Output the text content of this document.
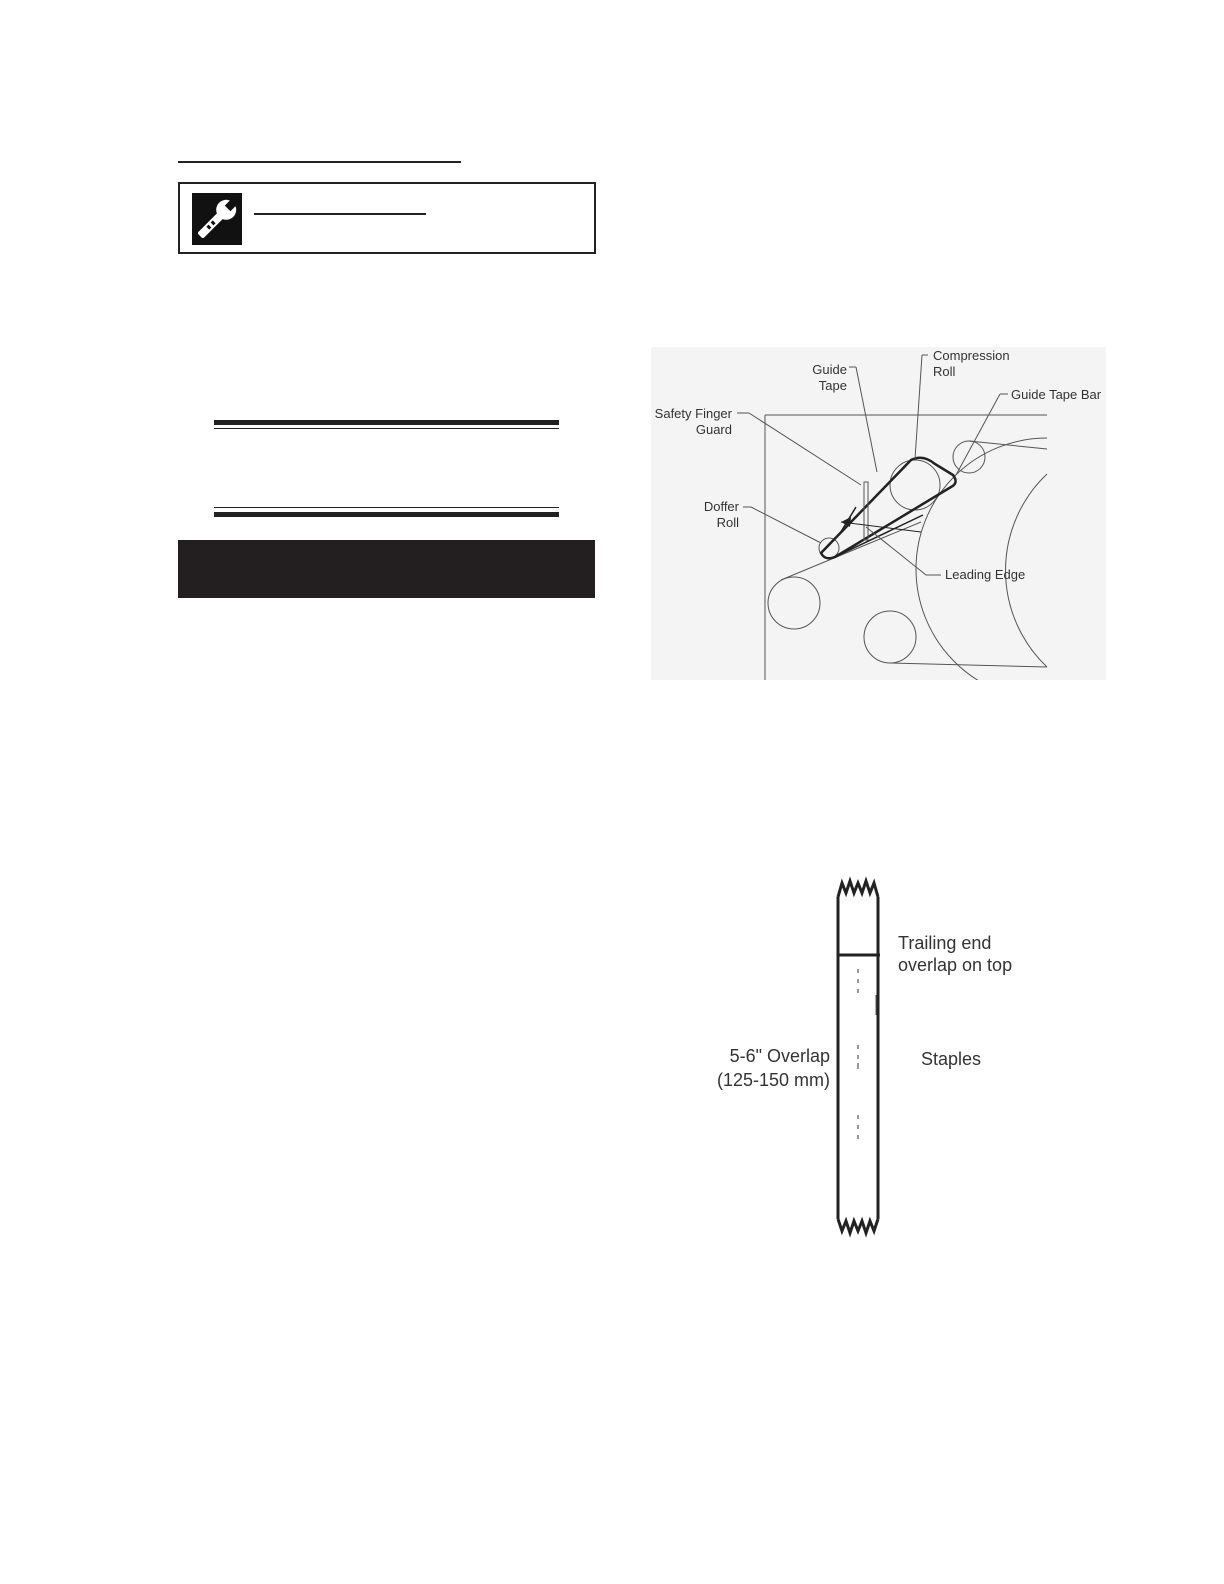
Guide
Tape
Compression
Roll
Guide Tape Bar
Safety Finger
Guard
Doffer
Roll
Leading Edge
Trailing end
overlap on top
5-6" Overlap
(125-150 mm)
Staples
